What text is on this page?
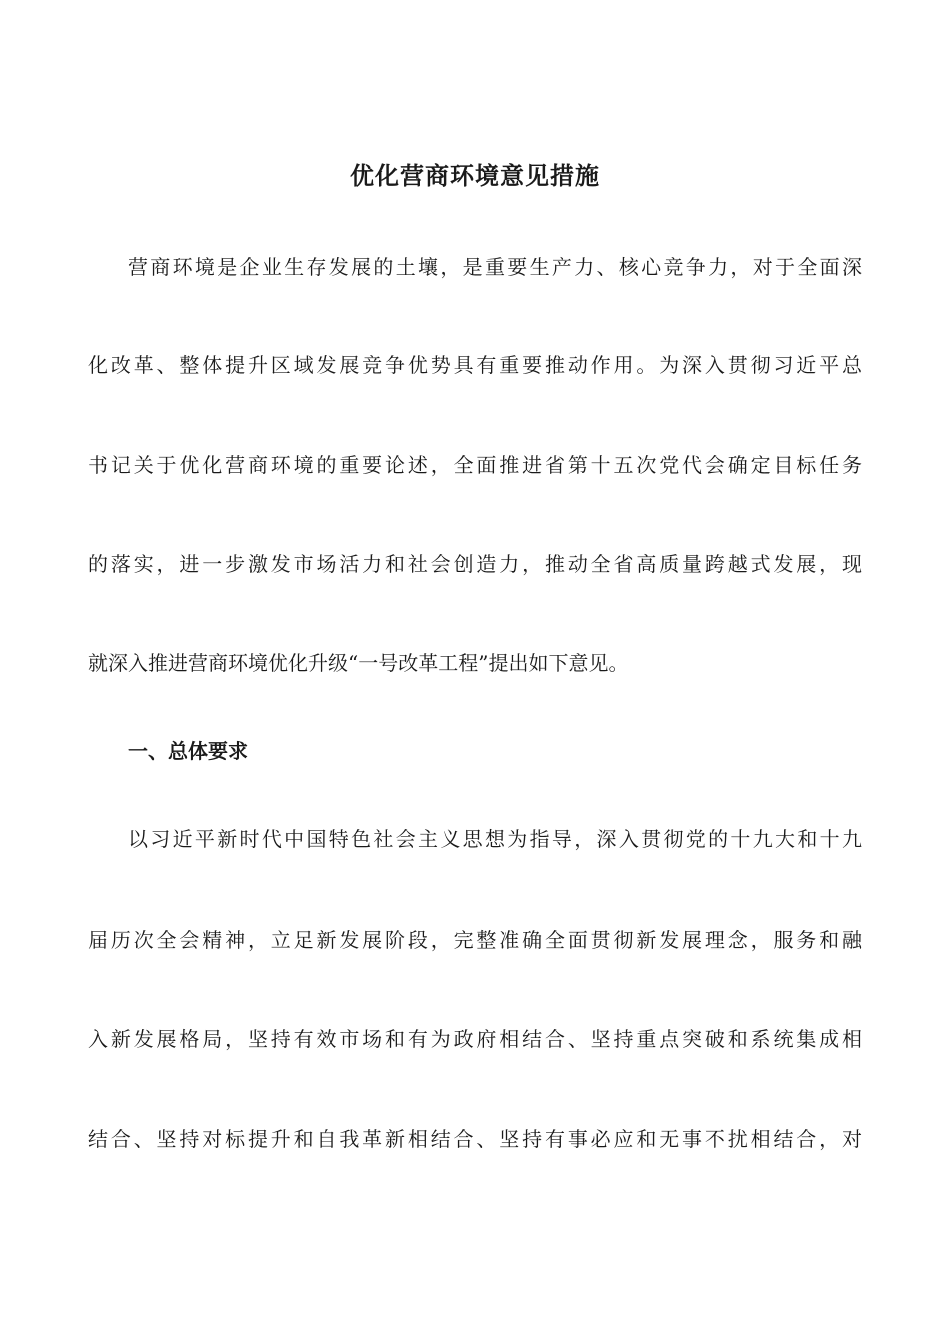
优化营商环境意见措施

营商环境是企业生存发展的土壤，是重要生产力、核心竞争力，对于全面深

化改革、整体提升区域发展竞争优势具有重要推动作用。为深入贯彻习近平总

书记关于优化营商环境的重要论述，全面推进省第十五次党代会确定目标任务

的落实，进一步激发市场活力和社会创造力，推动全省高质量跨越式发展，现

就深入推进营商环境优化升级“一号改革工程”提出如下意见。

一、总体要求

以习近平新时代中国特色社会主义思想为指导，深入贯彻党的十九大和十九

届历次全会精神，立足新发展阶段，完整准确全面贯彻新发展理念，服务和融

入新发展格局，坚持有效市场和有为政府相结合、坚持重点突破和系统集成相

结合、坚持对标提升和自我革新相结合、坚持有事必应和无事不扰相结合，对
